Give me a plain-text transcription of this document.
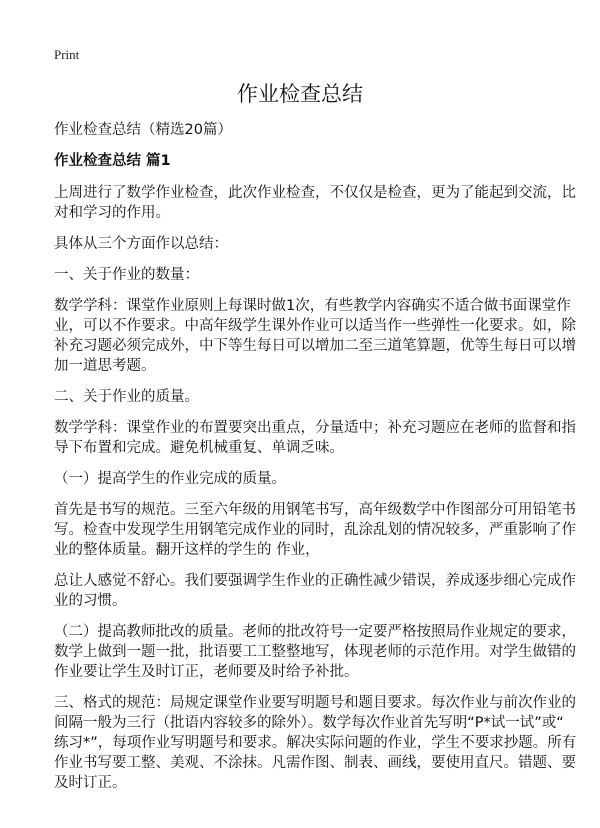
Print
作业检查总结
作业检查总结（精选20篇）
作业检查总结 篇1
上周进行了数学作业检查，此次作业检查，不仅仅是检查，更为了能起到交流，比
对和学习的作用。
具体从三个方面作以总结：
一、关于作业的数量：
数学学科：课堂作业原则上每课时做1次，有些教学内容确实不适合做书面课堂作
业，可以不作要求。中高年级学生课外作业可以适当作一些弹性一化要求。如，除
补充习题必须完成外，中下等生每日可以增加二至三道笔算题，优等生每日可以增
加一道思考题。
二、关于作业的质量。
数学学科：课堂作业的布置要突出重点，分量适中；补充习题应在老师的监督和指
导下布置和完成。避免机械重复、单调乏味。
（一）提高学生的作业完成的质量。
首先是书写的规范。三至六年级的用钢笔书写，高年级数学中作图部分可用铅笔书
写。检查中发现学生用钢笔完成作业的同时，乱涂乱划的情况较多，严重影响了作
业的整体质量。翻开这样的学生的 作业，
总让人感觉不舒心。我们要强调学生作业的正确性减少错误，养成逐步细心完成作
业的习惯。
（二）提高教师批改的质量。老师的批改符号一定要严格按照局作业规定的要求，
数学上做到一题一批，批语要工工整整地写，体现老师的示范作用。对学生做错的
作业要让学生及时订正，老师要及时给予补批。
三、格式的规范：局规定课堂作业要写明题号和题目要求。每次作业与前次作业的
间隔一般为三行（批语内容较多的除外）。数学每次作业首先写明“P*试一试”或“
练习*”，每项作业写明题号和要求。解决实际问题的作业，学生不要求抄题。所有
作业书写要工整、美观、不涂抹。凡需作图、制表、画线，要使用直尺。错题、要
及时订正。
